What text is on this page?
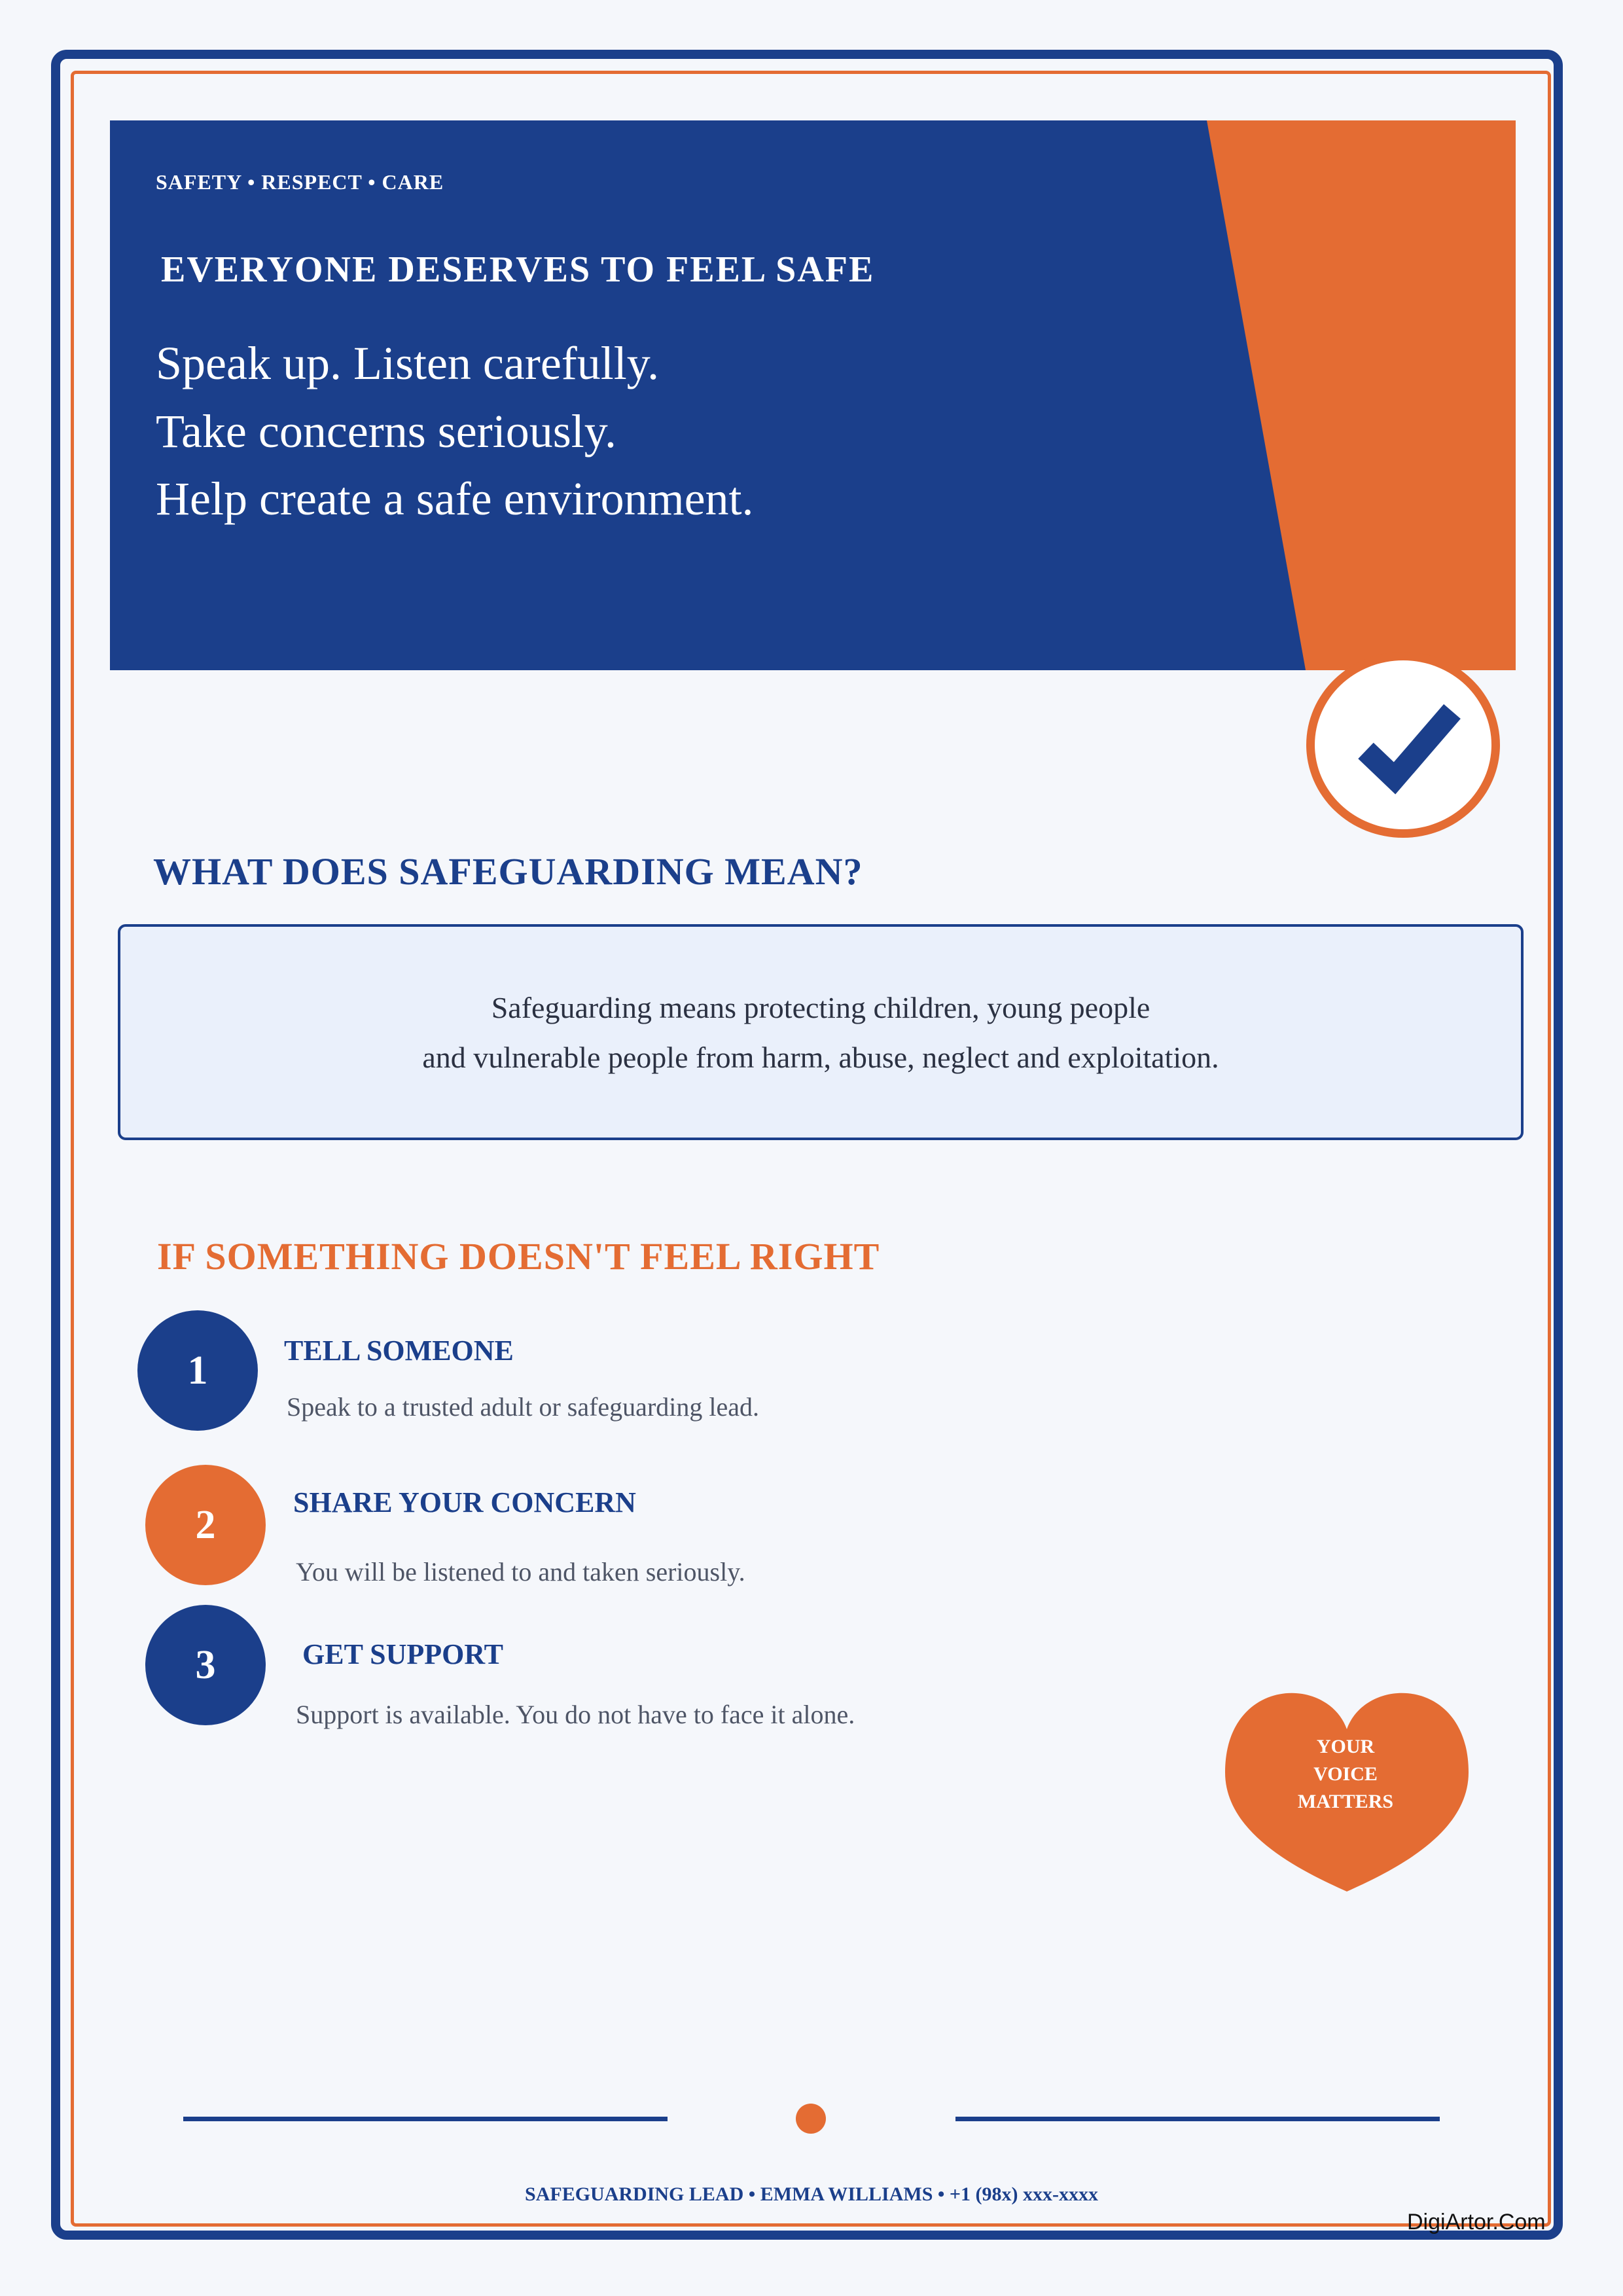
SAFETY • RESPECT • CARE
EVERYONE DESERVES TO FEEL SAFE
Speak up. Listen carefully.
Take concerns seriously.
Help create a safe environment.
WHAT DOES SAFEGUARDING MEAN?
Safeguarding means protecting children, young people
and vulnerable people from harm, abuse, neglect and exploitation.
IF SOMETHING DOESN'T FEEL RIGHT
1	TELL SOMEONE
Speak to a trusted adult or safeguarding lead.
2	SHARE YOUR CONCERN
You will be listened to and taken seriously.
3	GET SUPPORT
Support is available. You do not have to face it alone.
YOUR
VOICE
MATTERS
SAFEGUARDING LEAD • EMMA WILLIAMS • +1 (98x) xxx-xxxx
DigiArtor.Com
